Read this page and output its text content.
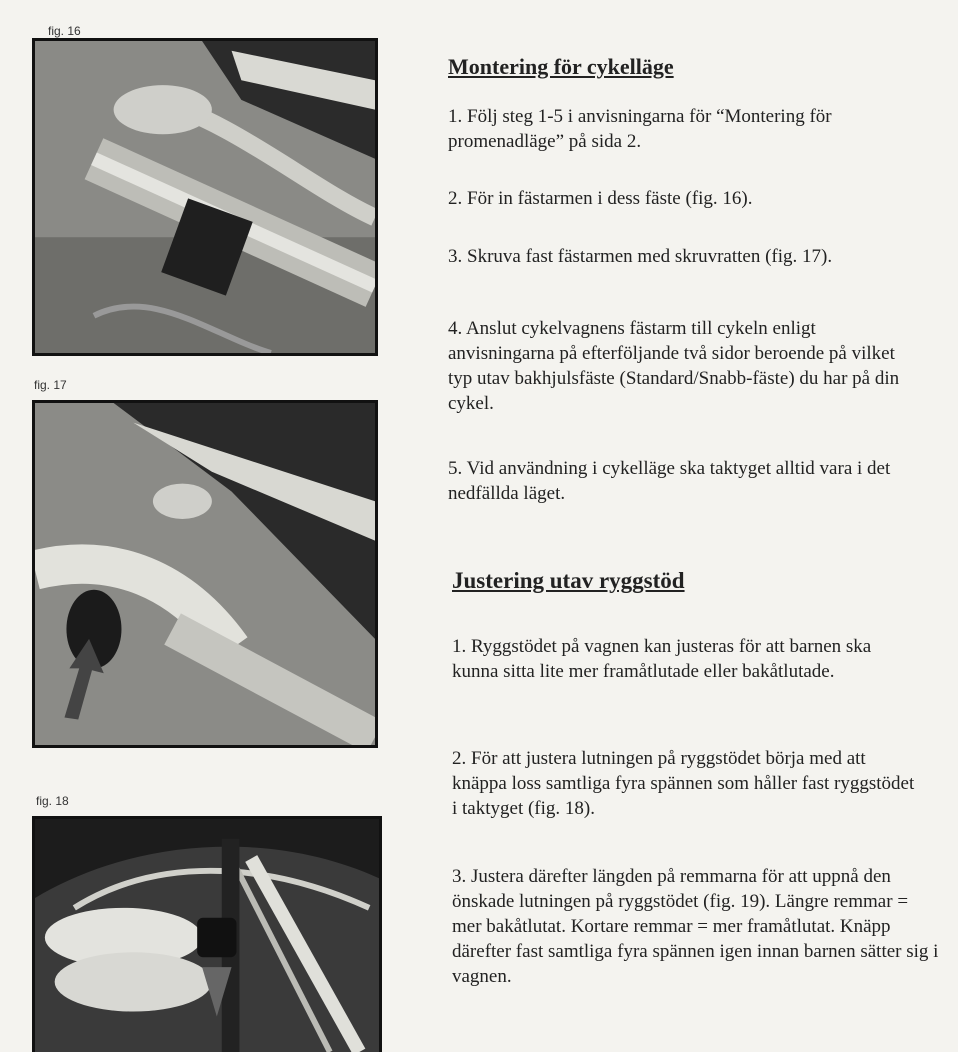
fig. 16
fig. 17
fig. 18
Montering för cykelläge
1. Följ steg 1-5 i anvisningarna för “Montering för promenadläge” på sida 2.
2. För in fästarmen i dess fäste (fig. 16).
3. Skruva fast fästarmen med skruvratten (fig. 17).
4. Anslut cykelvagnens fästarm till cykeln enligt anvisningarna på efterföljande två sidor beroende på vilket typ utav bakhjulsfäste (Standard/Snabb-fäste) du har på din cykel.
5. Vid användning i cykelläge ska taktyget alltid vara i det nedfällda läget.
Justering utav ryggstöd
1. Ryggstödet på vagnen kan justeras för att barnen ska kunna sitta lite mer framåtlutade eller bakåtlutade.
2. För att justera lutningen på ryggstödet börja med att knäppa loss samtliga fyra spännen som håller fast ryggstödet i taktyget (fig. 18).
3. Justera därefter längden på remmarna för att uppnå den önskade lutningen på ryggstödet (fig. 19). Längre remmar = mer bakåtlutat. Kortare remmar = mer framåtlutat. Knäpp därefter fast samtliga fyra spännen igen innan barnen sätter sig i vagnen.
